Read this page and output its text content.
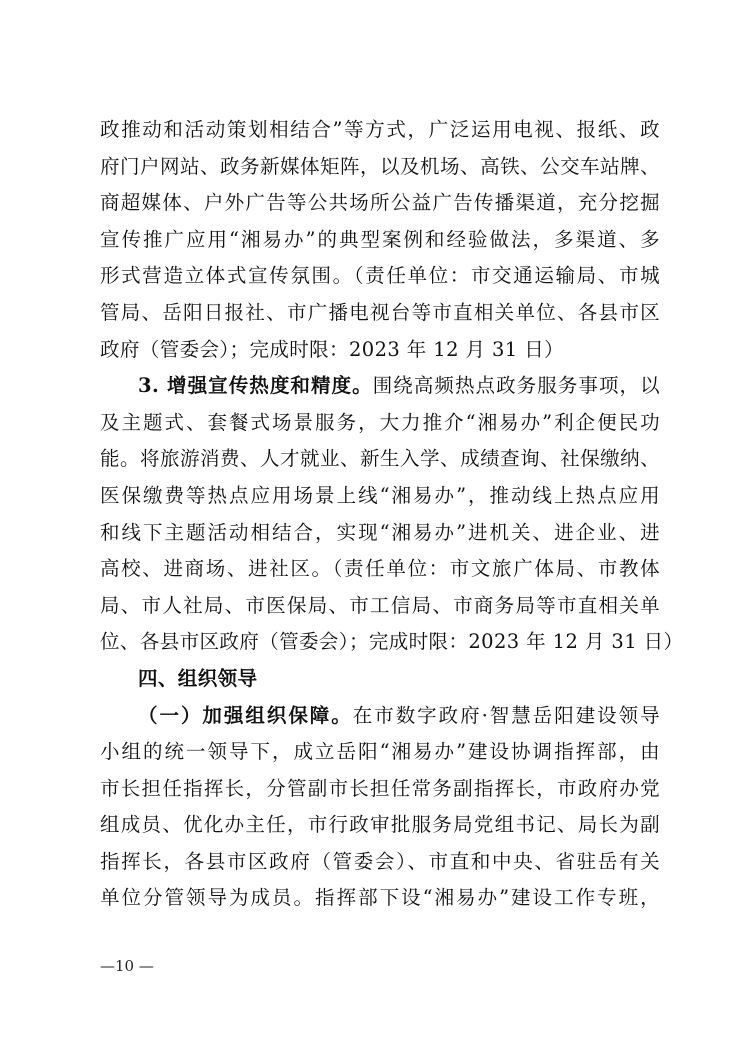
政推动和活动策划相结合”等方式，广泛运用电视、报纸、政
府门户网站、政务新媒体矩阵，以及机场、高铁、公交车站牌、
商超媒体、户外广告等公共场所公益广告传播渠道，充分挖掘
宣传推广应用“湘易办”的典型案例和经验做法，多渠道、多
形式营造立体式宣传氛围。（责任单位：市交通运输局、市城
管局、岳阳日报社、市广播电视台等市直相关单位、各县市区
政府（管委会）；完成时限：2023 年 12 月 31 日）
3. 增强宣传热度和精度。围绕高频热点政务服务事项，以
及主题式、套餐式场景服务，大力推介“湘易办”利企便民功
能。将旅游消费、人才就业、新生入学、成绩查询、社保缴纳、
医保缴费等热点应用场景上线“湘易办”，推动线上热点应用
和线下主题活动相结合，实现“湘易办”进机关、进企业、进
高校、进商场、进社区。（责任单位：市文旅广体局、市教体
局、市人社局、市医保局、市工信局、市商务局等市直相关单
位、各县市区政府（管委会）；完成时限：2023 年 12 月 31 日）
四、组织领导
（一）加强组织保障。在市数字政府·智慧岳阳建设领导
小组的统一领导下，成立岳阳“湘易办”建设协调指挥部，由
市长担任指挥长，分管副市长担任常务副指挥长，市政府办党
组成员、优化办主任，市行政审批服务局党组书记、局长为副
指挥长，各县市区政府（管委会）、市直和中央、省驻岳有关
单位分管领导为成员。指挥部下设“湘易办”建设工作专班，
—10 —
